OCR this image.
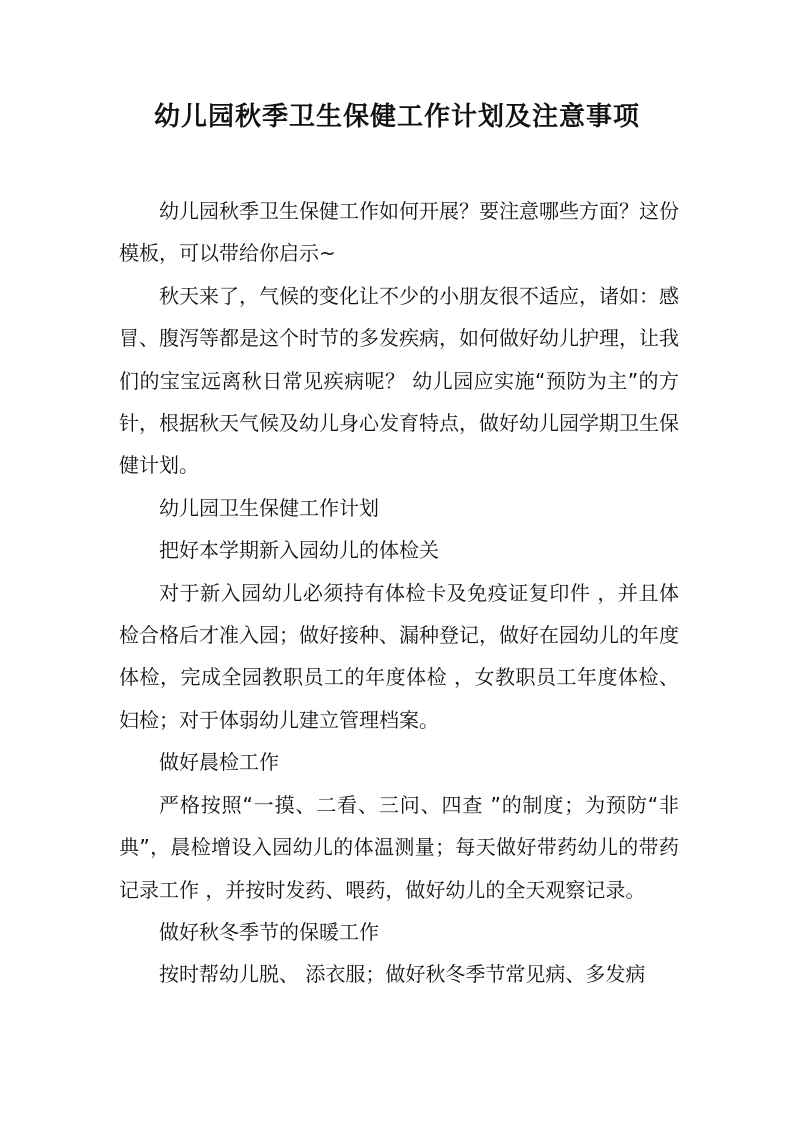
幼儿园秋季卫生保健工作计划及注意事项

幼儿园秋季卫生保健工作如何开展？要注意哪些方面？这份模板，可以带给你启示~

秋天来了，气候的变化让不少的小朋友很不适应，诸如：感冒、腹泻等都是这个时节的多发疾病，如何做好幼儿护理，让我们的宝宝远离秋日常见疾病呢？ 幼儿园应实施“预防为主”的方针，根据秋天气候及幼儿身心发育特点，做好幼儿园学期卫生保健计划。

幼儿园卫生保健工作计划

把好本学期新入园幼儿的体检关

对于新入园幼儿必须持有体检卡及免疫证复印件 ，并且体检合格后才准入园；做好接种、漏种登记，做好在园幼儿的年度体检，完成全园教职员工的年度体检 ，女教职员工年度体检、妇检；对于体弱幼儿建立管理档案。

做好晨检工作

严格按照“一摸、二看、三问、四查 ”的制度；为预防“非典”，晨检增设入园幼儿的体温测量；每天做好带药幼儿的带药记录工作 ，并按时发药、喂药，做好幼儿的全天观察记录。

做好秋冬季节的保暖工作

按时帮幼儿脱、 添衣服；做好秋冬季节常见病、多发病
